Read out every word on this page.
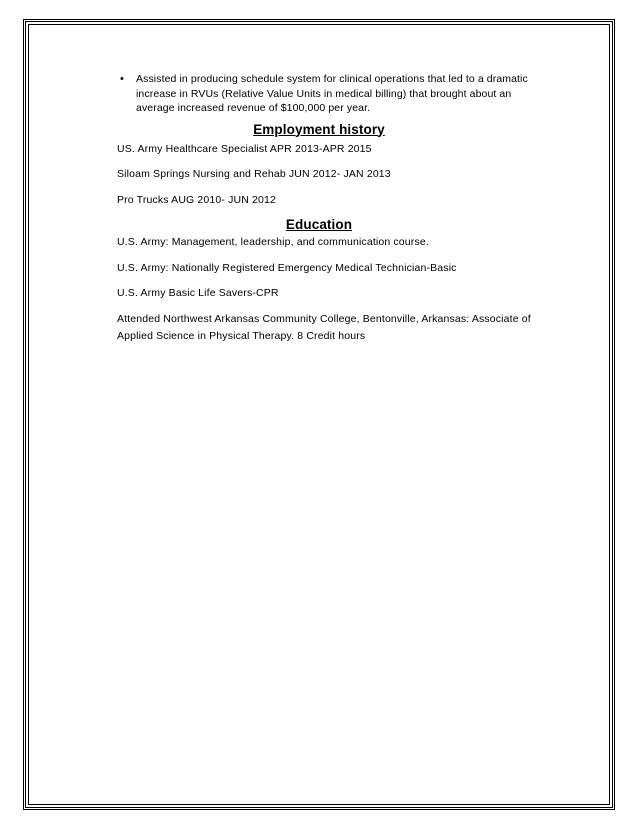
• Assisted in producing schedule system for clinical operations that led to a dramatic
increase in RVUs (Relative Value Units in medical billing) that brought about an
average increased revenue of $100,000 per year.
Employment history
US. Army Healthcare Specialist APR 2013-APR 2015
Siloam Springs Nursing and Rehab JUN 2012- JAN 2013
Pro Trucks AUG 2010- JUN 2012
Education
U.S. Army: Management, leadership, and communication course.
U.S. Army: Nationally Registered Emergency Medical Technician-Basic
U.S. Army Basic Life Savers-CPR
Attended Northwest Arkansas Community College, Bentonville, Arkansas: Associate of
Applied Science in Physical Therapy. 8 Credit hours
